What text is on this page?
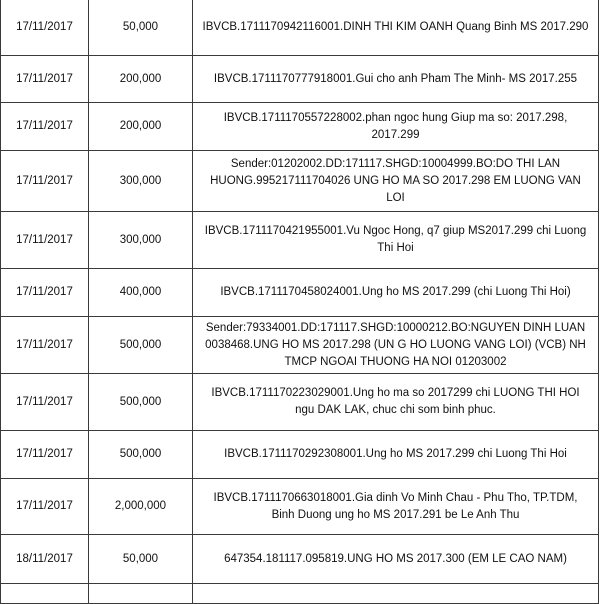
17/11/2017	50,000	IBVCB.1711170942116001.DINH THI KIM OANH Quang Binh MS 2017.290
17/11/2017	200,000	IBVCB.1711170777918001.Gui cho anh Pham The Minh- MS 2017.255
17/11/2017	200,000	IBVCB.1711170557228002.phan ngoc hung Giup ma so: 2017.298, 2017.299
17/11/2017	300,000	Sender:01202002.DD:171117.SHGD:10004999.BO:DO THI LAN HUONG.995217111704026 UNG HO MA SO 2017.298 EM LUONG VAN LOI
17/11/2017	300,000	IBVCB.1711170421955001.Vu Ngoc Hong, q7 giup MS2017.299 chi Luong Thi Hoi
17/11/2017	400,000	IBVCB.1711170458024001.Ung ho MS 2017.299 (chi Luong Thi Hoi)
17/11/2017	500,000	Sender:79334001.DD:171117.SHGD:10000212.BO:NGUYEN DINH LUAN 0038468.UNG HO MS 2017.298 (UN G HO LUONG VANG LOI) (VCB) NH TMCP NGOAI THUONG HA NOI 01203002
17/11/2017	500,000	IBVCB.1711170223029001.Ung ho ma so 2017299 chi LUONG THI HOI ngu DAK LAK, chuc chi som binh phuc.
17/11/2017	500,000	IBVCB.1711170292308001.Ung ho MS 2017.299 chi Luong Thi Hoi
17/11/2017	2,000,000	IBVCB.1711170663018001.Gia dinh Vo Minh Chau - Phu Tho, TP.TDM, Binh Duong ung ho MS 2017.291 be Le Anh Thu
18/11/2017	50,000	647354.181117.095819.UNG HO MS 2017.300 (EM LE CAO NAM)
